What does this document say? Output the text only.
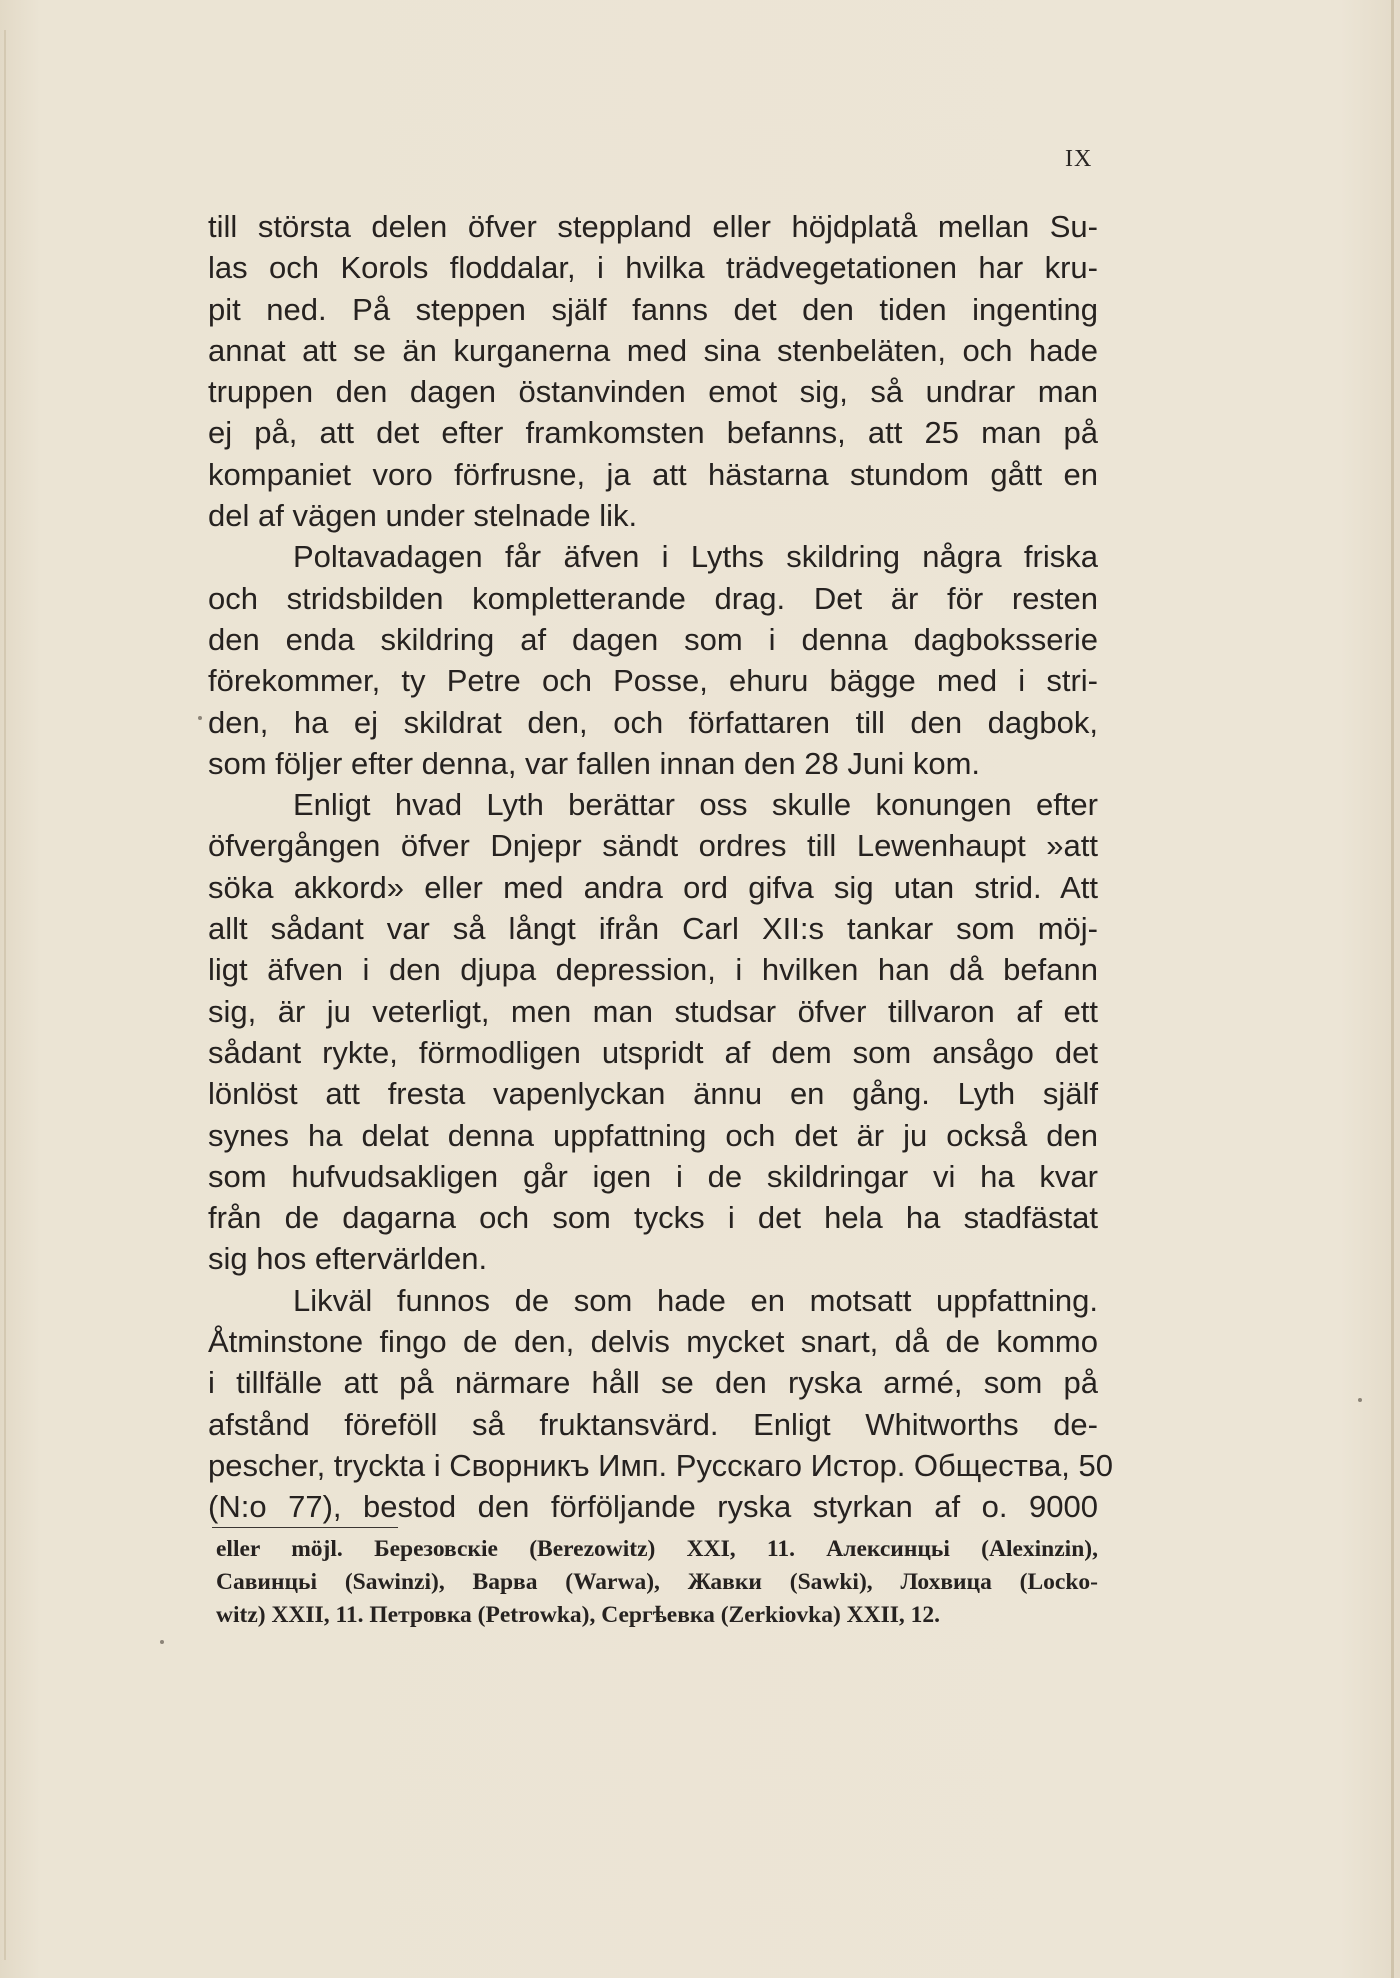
IX
till största delen öfver steppland eller höjdplatå mellan Su-
las och Korols floddalar, i hvilka trädvegetationen har kru-
pit ned. På steppen själf fanns det den tiden ingenting
annat att se än kurganerna med sina stenbeläten, och hade
truppen den dagen östanvinden emot sig, så undrar man
ej på, att det efter framkomsten befanns, att 25 man på
kompaniet voro förfrusne, ja att hästarna stundom gått en
del af vägen under stelnade lik.
Poltavadagen får äfven i Lyths skildring några friska
och stridsbilden kompletterande drag. Det är för resten
den enda skildring af dagen som i denna dagboksserie
förekommer, ty Petre och Posse, ehuru bägge med i stri-
den, ha ej skildrat den, och författaren till den dagbok,
som följer efter denna, var fallen innan den 28 Juni kom.
Enligt hvad Lyth berättar oss skulle konungen efter
öfvergången öfver Dnjepr sändt ordres till Lewenhaupt »att
söka akkord» eller med andra ord gifva sig utan strid. Att
allt sådant var så långt ifrån Carl XII:s tankar som möj-
ligt äfven i den djupa depression, i hvilken han då befann
sig, är ju veterligt, men man studsar öfver tillvaron af ett
sådant rykte, förmodligen utspridt af dem som ansågo det
lönlöst att fresta vapenlyckan ännu en gång. Lyth själf
synes ha delat denna uppfattning och det är ju också den
som hufvudsakligen går igen i de skildringar vi ha kvar
från de dagarna och som tycks i det hela ha stadfästat
sig hos eftervärlden.
Likväl funnos de som hade en motsatt uppfattning.
Åtminstone fingo de den, delvis mycket snart, då de kommo
i tillfälle att på närmare håll se den ryska armé, som på
afstånd föreföll så fruktansvärd. Enligt Whitworths de-
pescher, tryckta i Сворникъ Имп. Русскаго Истор. Общества, 50
(N:o 77), bestod den förföljande ryska styrkan af o. 9000
eller möjl. Березовскіе (Berezowitz) XXI, 11. Алексинцьі (Alexinzin),
Савинцьі (Sawinzi), Варва (Warwa), Жавки (Sawki), Лохвица (Locko-
witz) XXII, 11. Петровка (Petrowka), Сергѣевка (Zerkiovka) XXII, 12.
